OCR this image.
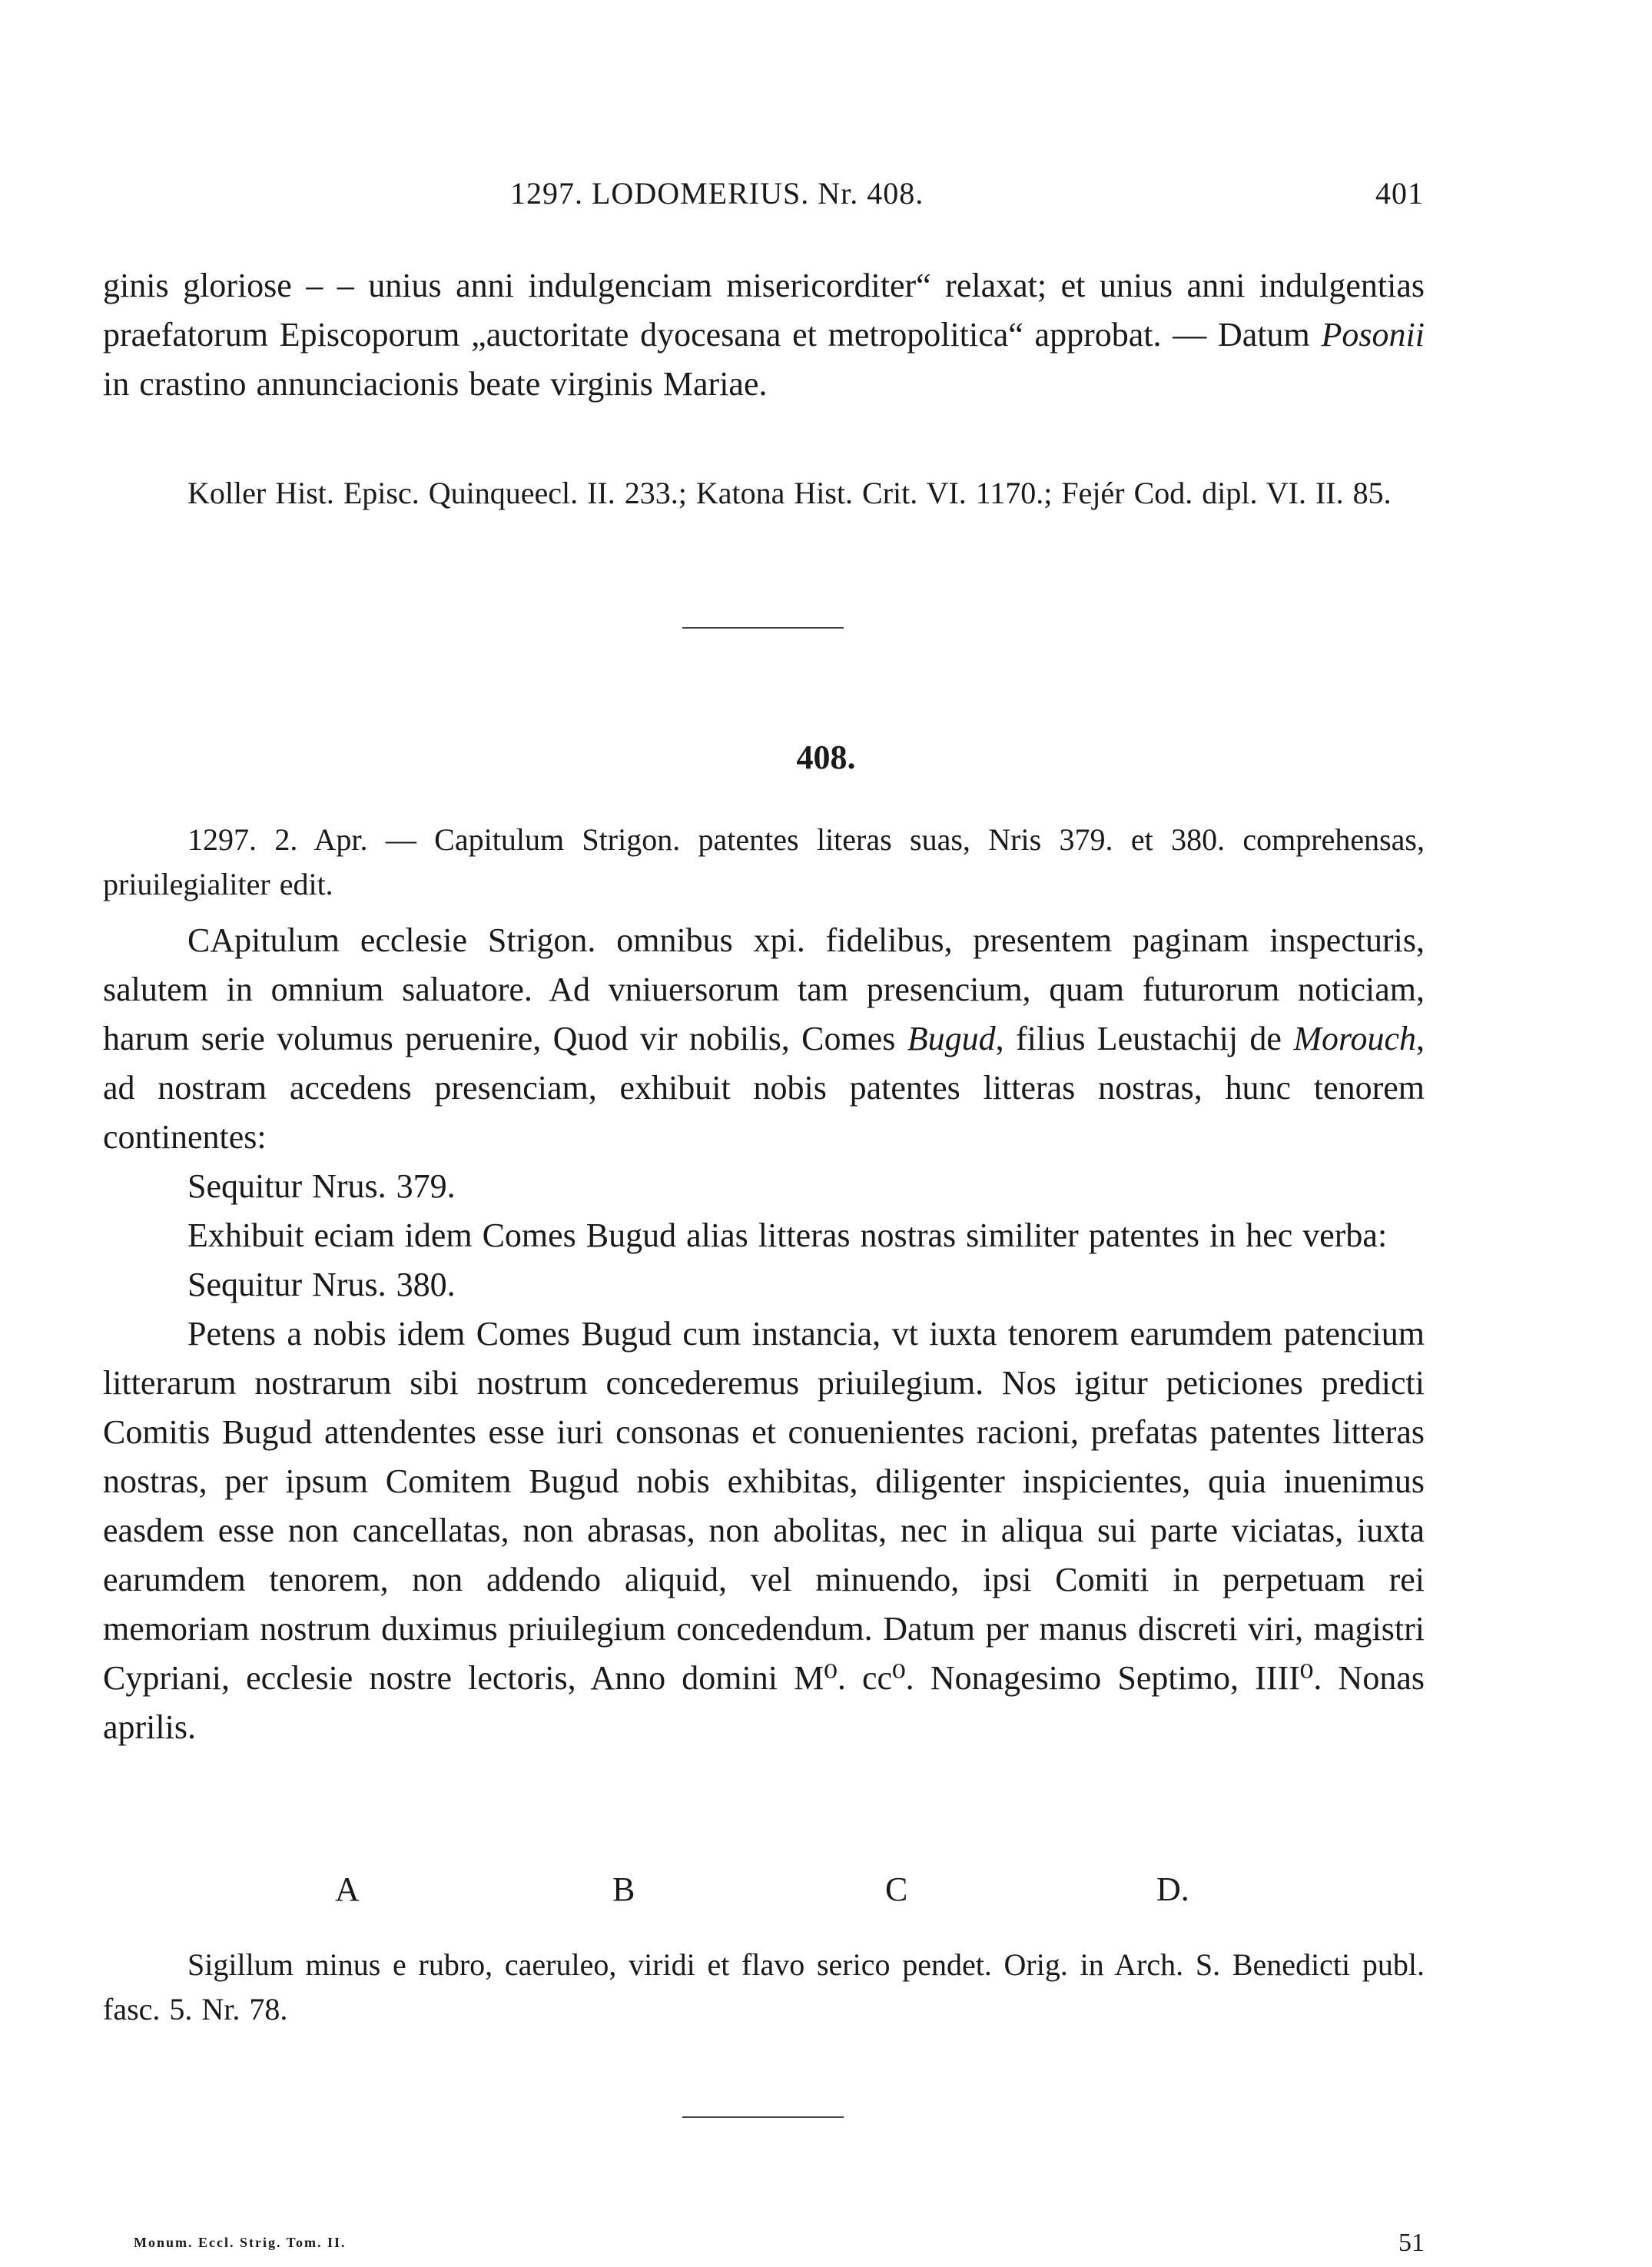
1297. LODOMERIUS. Nr. 408.	401

ginis gloriose – – unius anni indulgenciam misericorditer“ relaxat; et unius anni indulgentias praefatorum Episcoporum „auctoritate dyocesana et metropolitica“ approbat. — Datum Posonii in crastino annunciacionis beate virginis Mariae.

Koller Hist. Episc. Quinqueecl. II. 233.; Katona Hist. Crit. VI. 1170.; Fejér Cod. dipl. VI. II. 85.

408.

1297. 2. Apr. — Capitulum Strigon. patentes literas suas, Nris 379. et 380. comprehensas, priuilegialiter edit.

CApitulum ecclesie Strigon. omnibus xpi. fidelibus, presentem paginam inspecturis, salutem in omnium saluatore. Ad vniuersorum tam presencium, quam futurorum noticiam, harum serie volumus peruenire, Quod vir nobilis, Comes Bugud, filius Leustachij de Morouch, ad nostram accedens presenciam, exhibuit nobis patentes litteras nostras, hunc tenorem continentes:

Sequitur Nrus. 379.

Exhibuit eciam idem Comes Bugud alias litteras nostras similiter patentes in hec verba:

Sequitur Nrus. 380.

Petens a nobis idem Comes Bugud cum instancia, vt iuxta tenorem earumdem patencium litterarum nostrarum sibi nostrum concederemus priuilegium. Nos igitur peticiones predicti Comitis Bugud attendentes esse iuri consonas et conuenientes racioni, prefatas patentes litteras nostras, per ipsum Comitem Bugud nobis exhibitas, diligenter inspicientes, quia inuenimus easdem esse non cancellatas, non abrasas, non abolitas, nec in aliqua sui parte viciatas, iuxta earumdem tenorem, non addendo aliquid, vel minuendo, ipsi Comiti in perpetuam rei memoriam nostrum duximus priuilegium concedendum. Datum per manus discreti viri, magistri Cypriani, ecclesie nostre lectoris, Anno domini M⁰. cc⁰. Nonagesimo Septimo, IIII⁰. Nonas aprilis.

A	B	C	D.

Sigillum minus e rubro, caeruleo, viridi et flavo serico pendet. Orig. in Arch. S. Benedicti publ. fasc. 5. Nr. 78.

Monum. Eccl. Strig. Tom. II.	51
